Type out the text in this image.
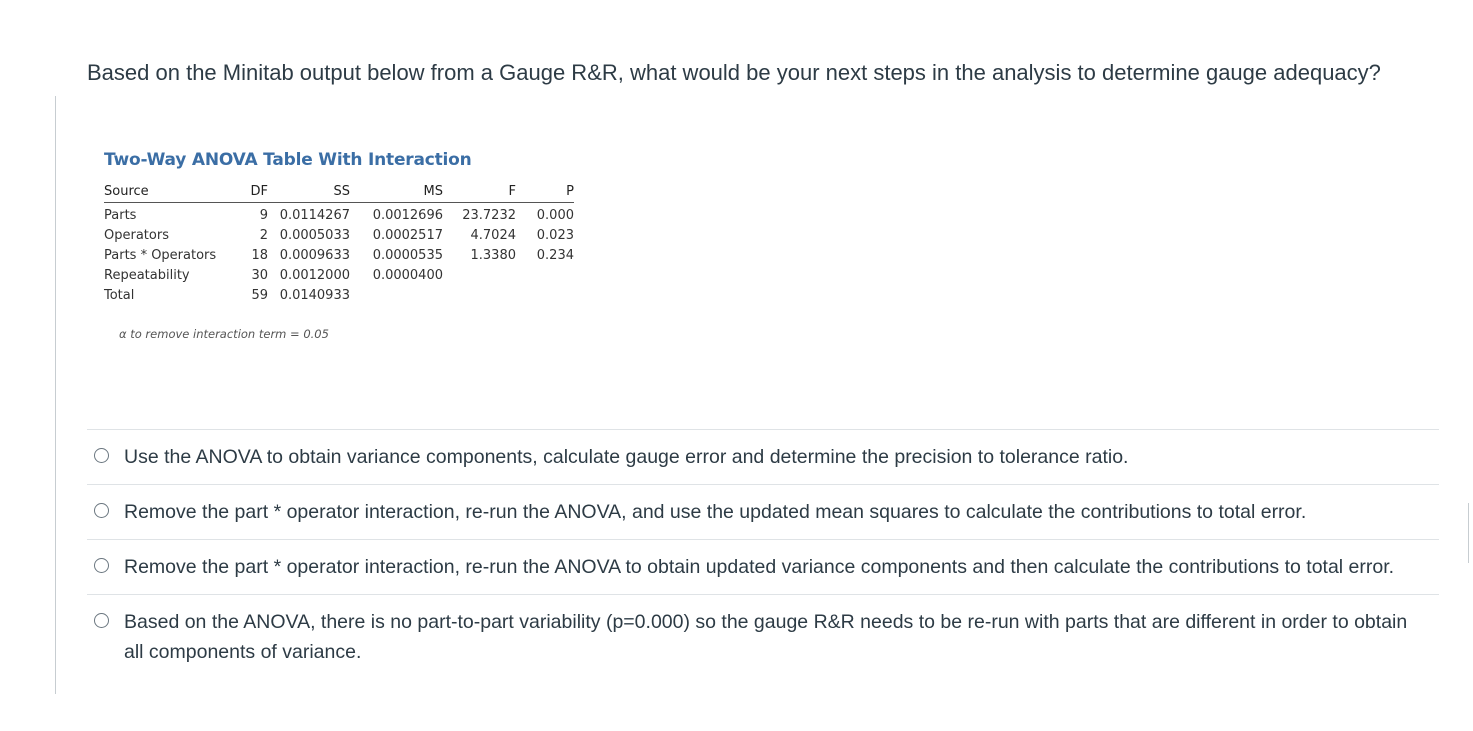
Based on the Minitab output below from a Gauge R&R, what would be your next steps in the analysis to determine gauge adequacy?
Two-Way ANOVA Table With Interaction
Source	DF	SS	MS	F	P
Parts	9	0.0114267	0.0012696	23.7232	0.000
Operators	2	0.0005033	0.0002517	4.7024	0.023
Parts * Operators	18	0.0009633	0.0000535	1.3380	0.234
Repeatability	30	0.0012000	0.0000400		
Total	59	0.0140933			
α to remove interaction term = 0.05
Use the ANOVA to obtain variance components, calculate gauge error and determine the precision to tolerance ratio.
Remove the part * operator interaction, re-run the ANOVA, and use the updated mean squares to calculate the contributions to total error.
Remove the part * operator interaction, re-run the ANOVA to obtain updated variance components and then calculate the contributions to total error.
Based on the ANOVA, there is no part-to-part variability (p=0.000) so the gauge R&R needs to be re-run with parts that are different in order to obtain all components of variance.
